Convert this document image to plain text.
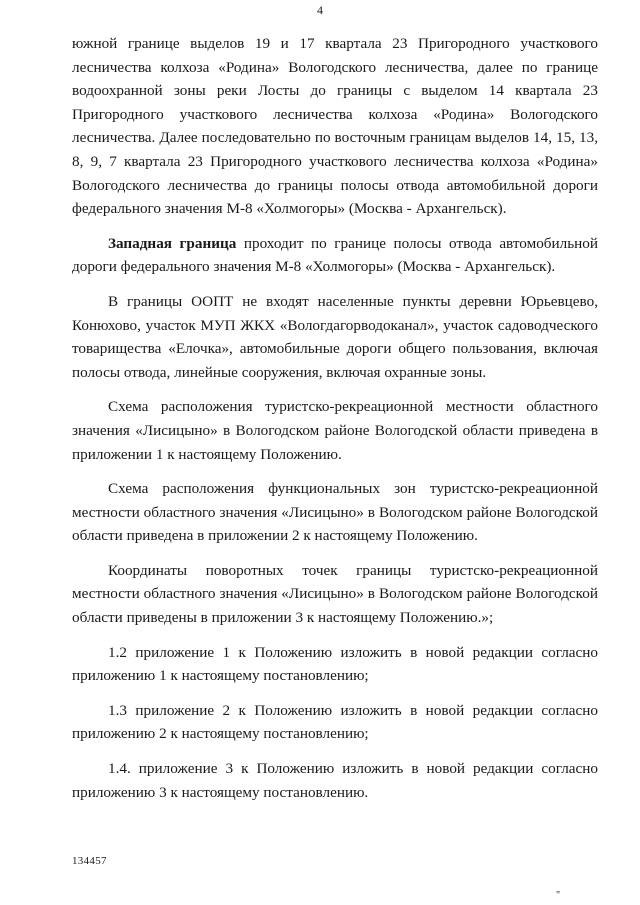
4

южной границе выделов 19 и 17 квартала 23 Пригородного участкового лесничества колхоза «Родина» Вологодского лесничества, далее по границе водоохранной зоны реки Лосты до границы с выделом 14 квартала 23 Пригородного участкового лесничества колхоза «Родина» Вологодского лесничества. Далее последовательно по восточным границам выделов 14, 15, 13, 8, 9, 7 квартала 23 Пригородного участкового лесничества колхоза «Родина» Вологодского лесничества до границы полосы отвода автомобильной дороги федерального значения М-8 «Холмогоры» (Москва - Архангельск).

Западная граница проходит по границе полосы отвода автомобильной дороги федерального значения М-8 «Холмогоры» (Москва - Архангельск).

В границы ООПТ не входят населенные пункты деревни Юрьевцево, Конюхово, участок МУП ЖКХ «Вологдагорводоканал», участок садоводческого товарищества «Елочка», автомобильные дороги общего пользования, включая полосы отвода, линейные сооружения, включая охранные зоны.

Схема расположения туристско-рекреационной местности областного значения «Лисицыно» в Вологодском районе Вологодской области приведена в приложении 1 к настоящему Положению.

Схема расположения функциональных зон туристско-рекреационной местности областного значения «Лисицыно» в Вологодском районе Вологодской области приведена в приложении 2 к настоящему Положению.

Координаты поворотных точек границы туристско-рекреационной местности областного значения «Лисицыно» в Вологодском районе Вологодской области приведены в приложении 3 к настоящему Положению.»;

1.2 приложение 1 к Положению изложить в новой редакции согласно приложению 1 к настоящему постановлению;

1.3 приложение 2 к Положению изложить в новой редакции согласно приложению 2 к настоящему постановлению;

1.4. приложение 3 к Положению изложить в новой редакции согласно приложению 3 к настоящему постановлению.

134457
"
